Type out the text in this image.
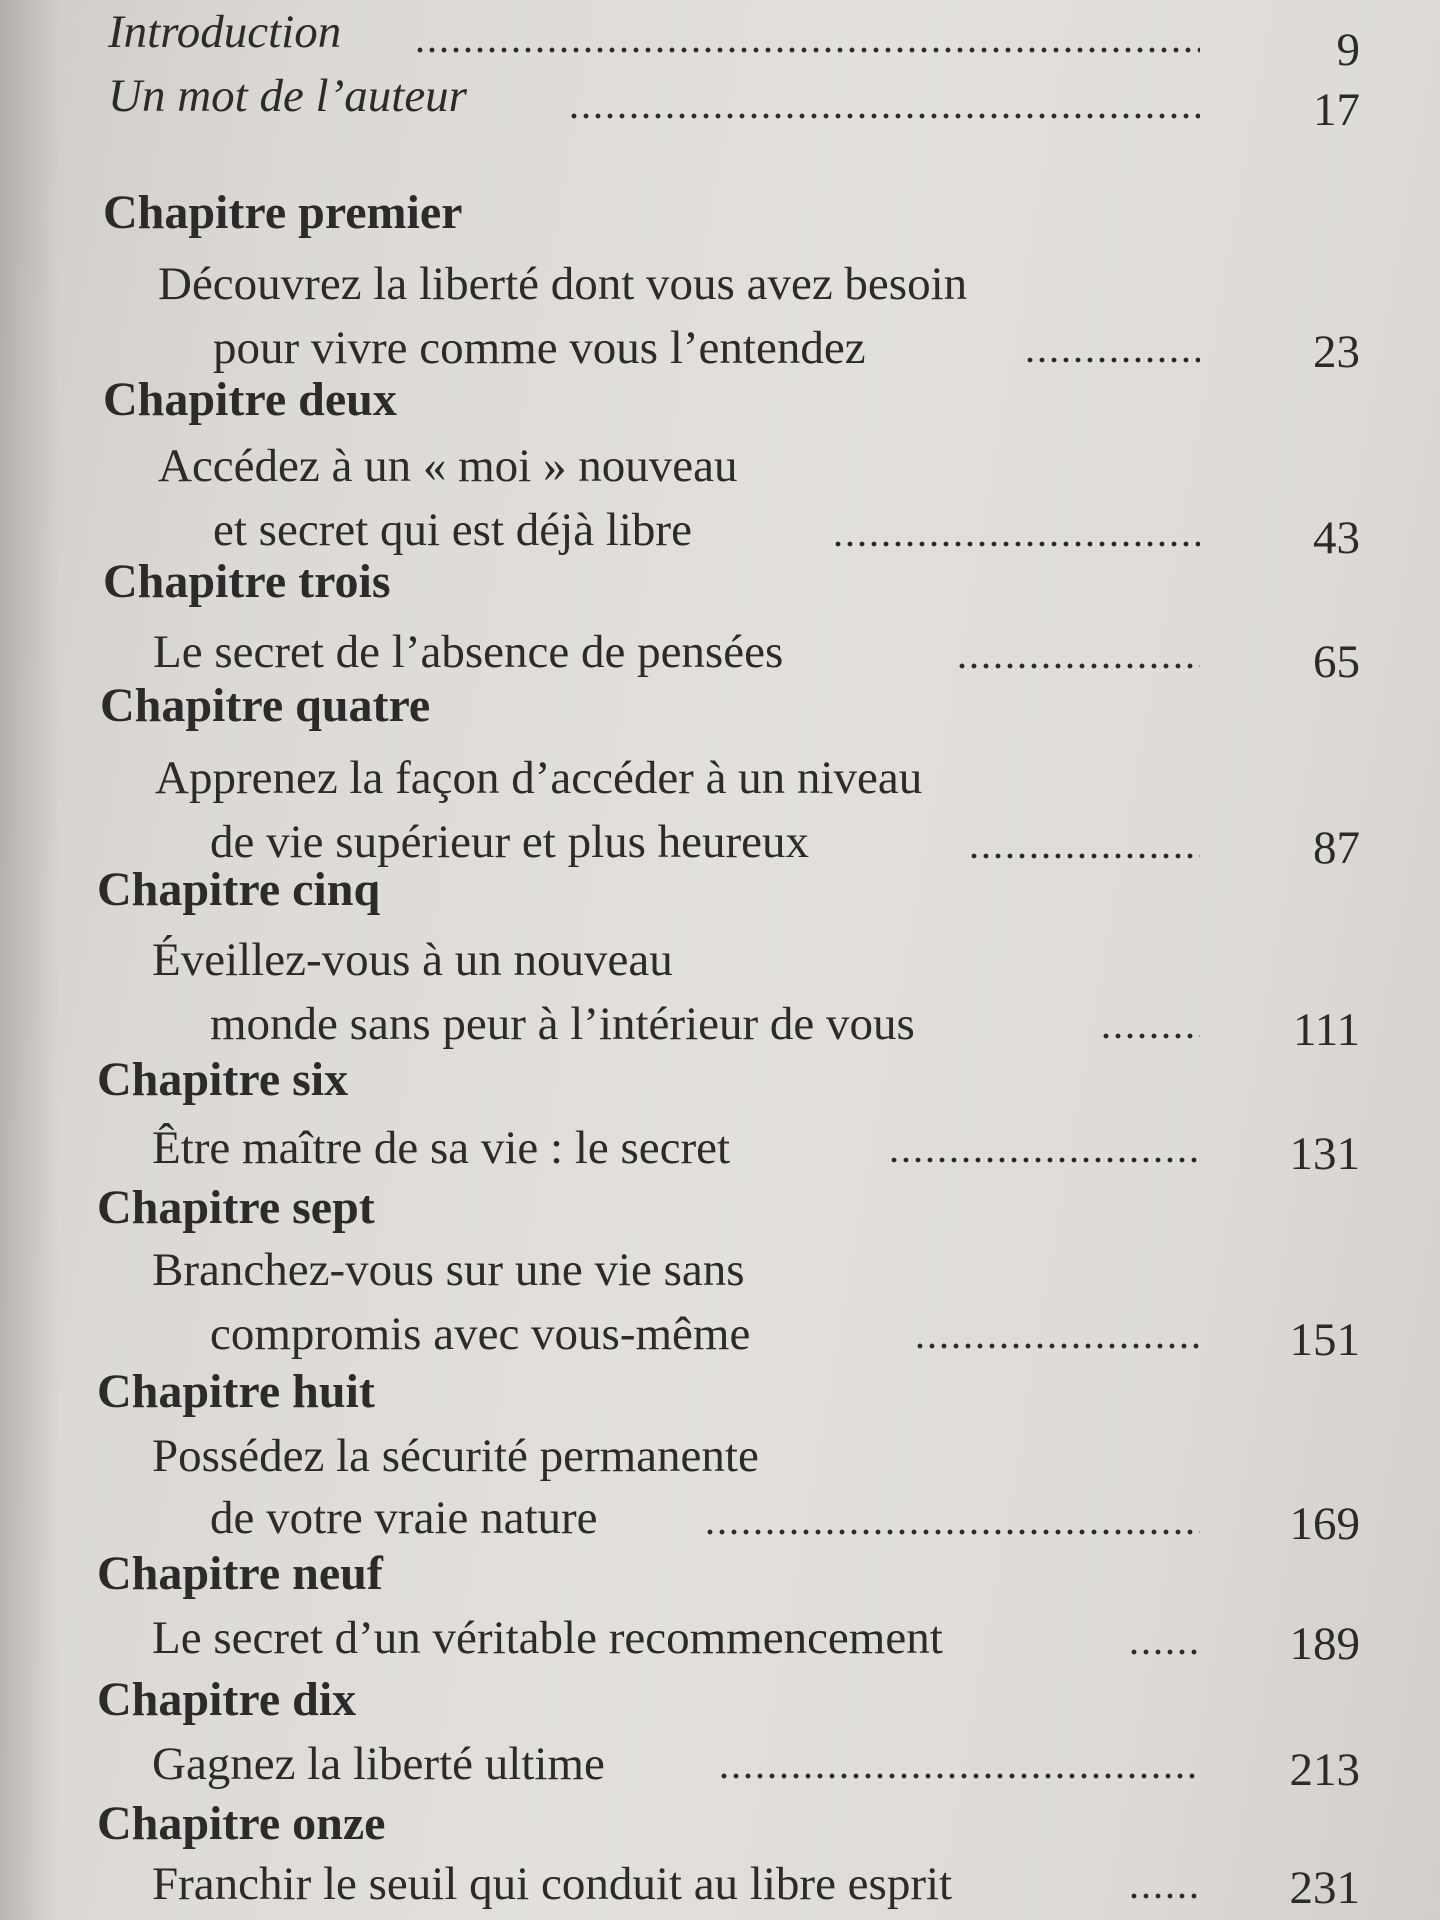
Introduction	9
Un mot de l’auteur	17
Chapitre premier
Découvrez la liberté dont vous avez besoin
pour vivre comme vous l’entendez	23
Chapitre deux
Accédez à un « moi » nouveau
et secret qui est déjà libre	43
Chapitre trois
Le secret de l’absence de pensées	65
Chapitre quatre
Apprenez la façon d’accéder à un niveau
de vie supérieur et plus heureux	87
Chapitre cinq
Éveillez-vous à un nouveau
monde sans peur à l’intérieur de vous	111
Chapitre six
Être maître de sa vie : le secret	131
Chapitre sept
Branchez-vous sur une vie sans
compromis avec vous-même	151
Chapitre huit
Possédez la sécurité permanente
de votre vraie nature	169
Chapitre neuf
Le secret d’un véritable recommencement	189
Chapitre dix
Gagnez la liberté ultime	213
Chapitre onze
Franchir le seuil qui conduit au libre esprit	231
